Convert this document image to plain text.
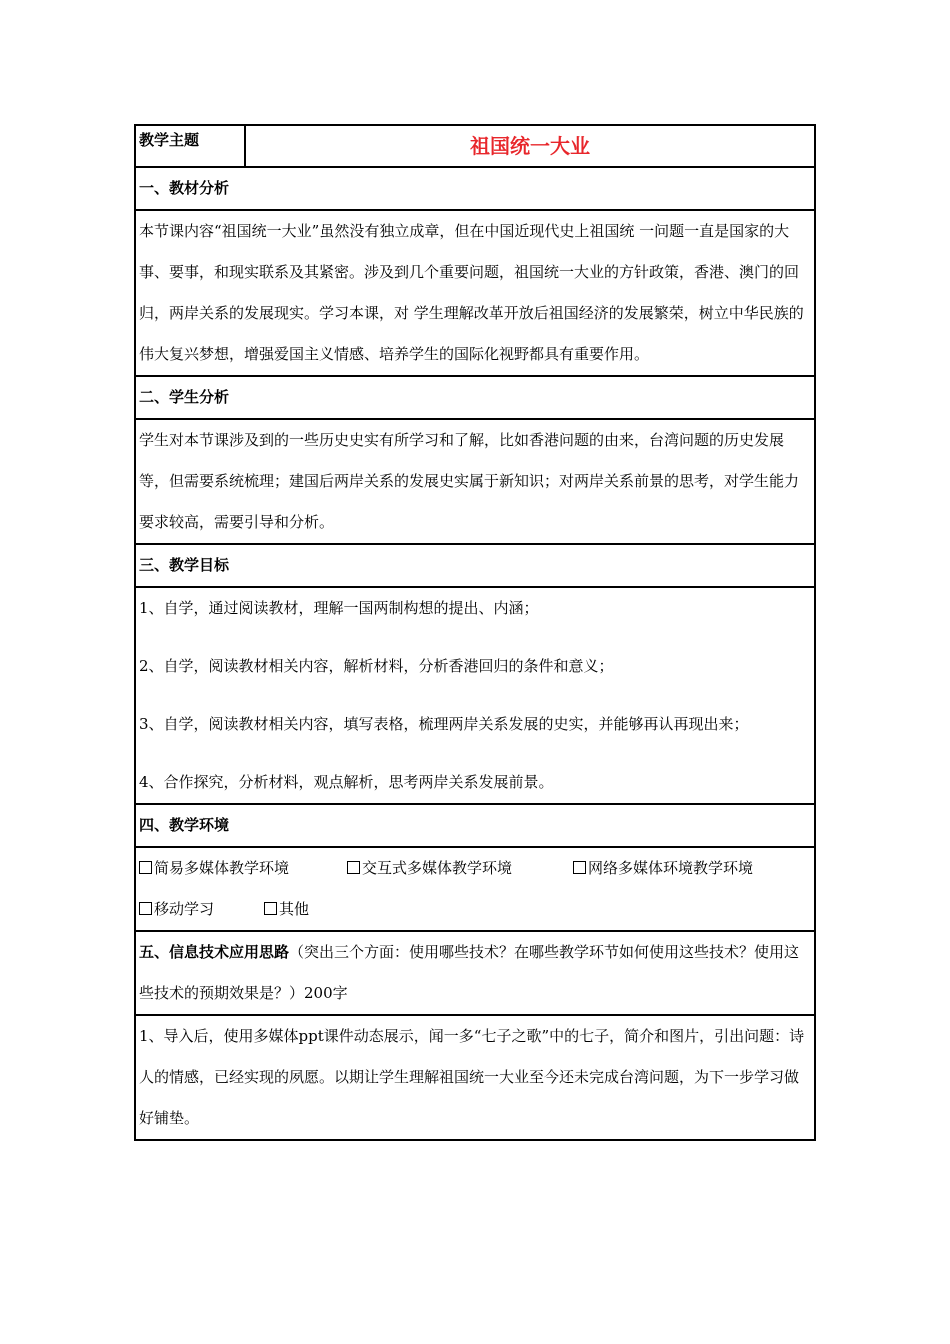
教学主题	祖国统一大业
一、教材分析

本节课内容“祖国统一大业”虽然没有独立成章，但在中国近现代史上祖国统 一问题一直是国家的大事、要事，和现实联系及其紧密。涉及到几个重要问题，祖国统一大业的方针政策，香港、澳门的回归，两岸关系的发展现实。学习本课，对 学生理解改革开放后祖国经济的发展繁荣，树立中华民族的伟大复兴梦想，增强爱国主义情感、培养学生的国际化视野都具有重要作用。

二、学生分析

学生对本节课涉及到的一些历史史实有所学习和了解，比如香港问题的由来，台湾问题的历史发展等，但需要系统梳理；建国后两岸关系的发展史实属于新知识；对两岸关系前景的思考，对学生能力要求较高，需要引导和分析。

三、教学目标

1、自学，通过阅读教材，理解一国两制构想的提出、内涵；

2、自学，阅读教材相关内容，解析材料，分析香港回归的条件和意义；

3、自学，阅读教材相关内容，填写表格，梳理两岸关系发展的史实，并能够再认再现出来；

4、合作探究，分析材料，观点解析，思考两岸关系发展前景。

四、教学环境

简易多媒体教学环境	交互式多媒体教学环境	网络多媒体环境教学环境
移动学习	其他

五、信息技术应用思路（突出三个方面：使用哪些技术？在哪些教学环节如何使用这些技术？使用这些技术的预期效果是？）200字

1、导入后，使用多媒体ppt课件动态展示，闻一多“七子之歌”中的七子，简介和图片，引出问题：诗人的情感，已经实现的夙愿。以期让学生理解祖国统一大业至今还未完成台湾问题，为下一步学习做好铺垫。
